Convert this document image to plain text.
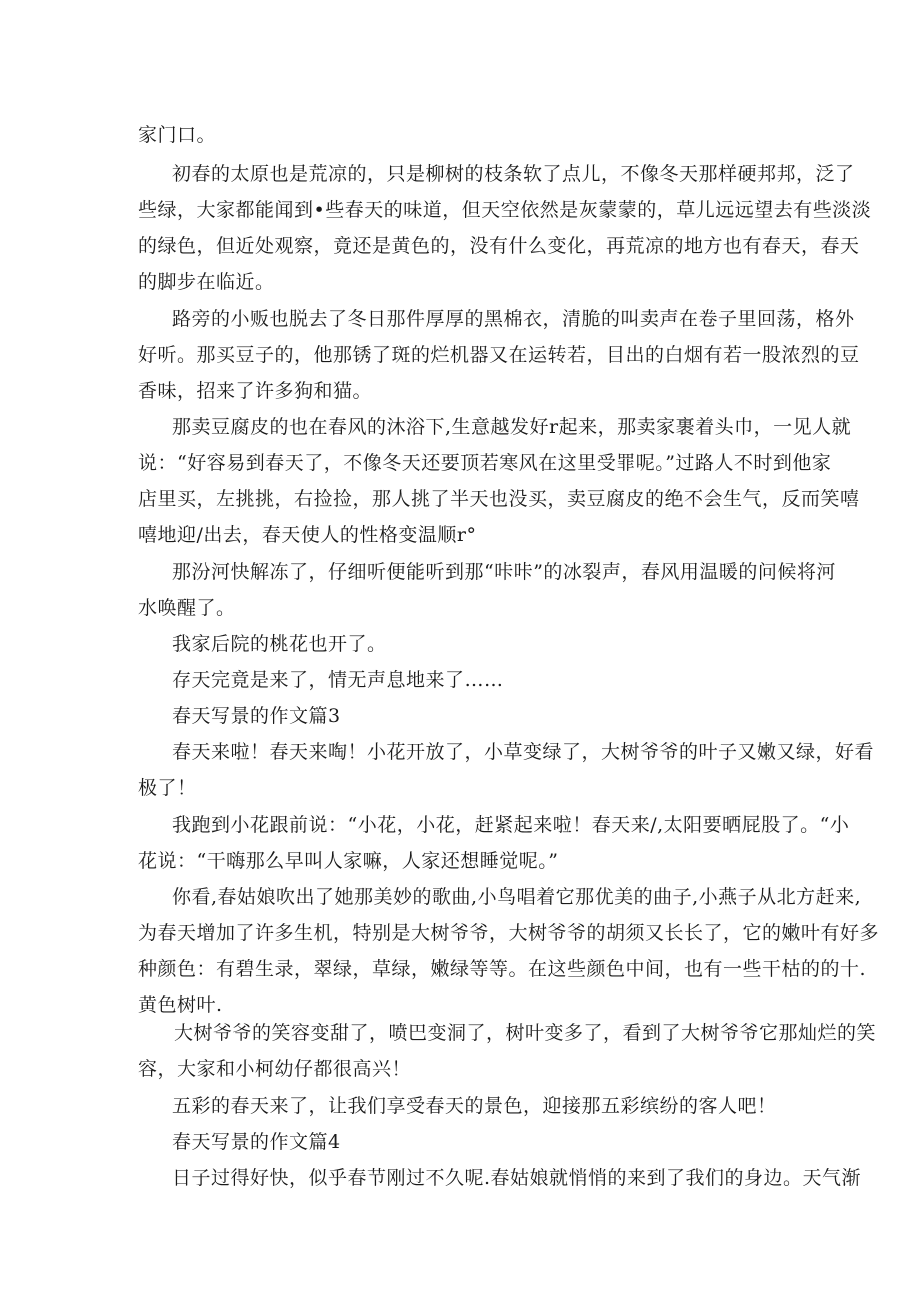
家门口。
初春的太原也是荒凉的，只是柳树的枝条软了点儿，不像冬天那样硬邦邦，泛了
些绿，大家都能闻到•些春天的味道，但天空依然是灰蒙蒙的，草儿远远望去有些淡淡
的绿色，但近处观察，竟还是黄色的，没有什么变化，再荒凉的地方也有春天，春天
的脚步在临近。
路旁的小贩也脱去了冬日那件厚厚的黑棉衣，清脆的叫卖声在卷子里回荡，格外
好听。那买豆子的，他那锈了斑的烂机器又在运转若，目出的白烟有若一股浓烈的豆
香味，招来了许多狗和猫。
那卖豆腐皮的也在春风的沐浴下,生意越发好r起来，那卖家裹着头巾，一见人就
说：“好容易到春天了，不像冬天还要顶若寒风在这里受罪呢。”过路人不时到他家
店里买，左挑挑，右捡捡，那人挑了半天也没买，卖豆腐皮的绝不会生气，反而笑嘻
嘻地迎/出去，春天使人的性格变温顺r°
那汾河快解冻了，仔细听便能听到那“咔咔”的冰裂声，春风用温暖的问候将河
水唤醒了。
我家后院的桃花也开了。
存天完竟是来了，情无声息地来了……
春天写景的作文篇3
春天来啦！春天来啕！小花开放了，小草变绿了，大树爷爷的叶子又嫩又绿，好看
极了！
我跑到小花跟前说：“小花，小花，赶紧起来啦！春天来/,太阳要晒屁股了。“小
花说：“干嗨那么早叫人家嘛，人家还想睡觉呢。”
你看,春姑娘吹出了她那美妙的歌曲,小鸟唱着它那优美的曲子,小燕子从北方赶来,
为春天增加了许多生机，特别是大树爷爷，大树爷爷的胡须又长长了，它的嫩叶有好多
种颜色：有碧生录，翠绿，草绿，嫩绿等等。在这些颜色中间，也有一些干枯的的十.
黄色树叶.
大树爷爷的笑容变甜了，喷巴变洞了，树叶变多了，看到了大树爷爷它那灿烂的笑
容，大家和小柯幼仔都很高兴！
五彩的春天来了，让我们享受春天的景色，迎接那五彩缤纷的客人吧！
春天写景的作文篇4
日子过得好快，似乎春节刚过不久呢.春姑娘就悄悄的来到了我们的身边。天气渐
